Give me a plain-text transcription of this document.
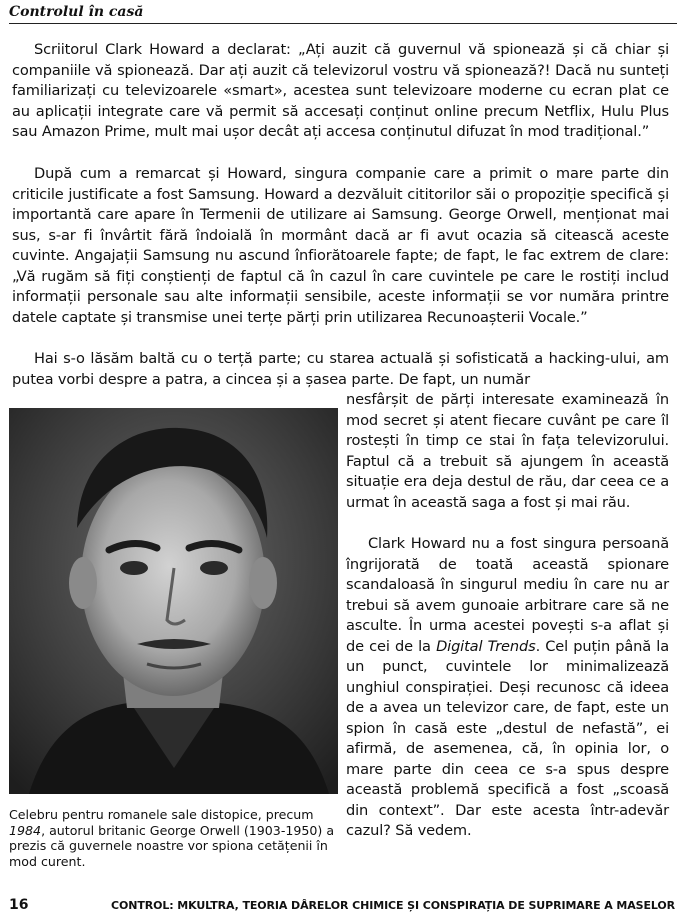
Controlul în casă

Scriitorul Clark Howard a declarat: „Ați auzit că guvernul vă spionează și că chiar și companiile vă spionează. Dar ați auzit că televizorul vostru vă spionează?! Dacă nu sunteți familiarizați cu televizoarele «smart», acestea sunt televizoare moderne cu ecran plat ce au aplicații integrate care vă permit să accesați conținut online precum Netflix, Hulu Plus sau Amazon Prime, mult mai ușor decât ați accesa conținutul difuzat în mod tradițional.”

După cum a remarcat și Howard, singura companie care a primit o mare parte din criticile justificate a fost Samsung. Howard a dezvăluit cititorilor săi o propoziție specifică și importantă care apare în Termenii de utilizare ai Samsung. George Orwell, menționat mai sus, s-ar fi învârtit fără îndoială în mormânt dacă ar fi avut ocazia să citească aceste cuvinte. Angajații Samsung nu ascund înfiorătoarele fapte; de fapt, le fac extrem de clare: „Vă rugăm să fiți conștienți de faptul că în cazul în care cuvintele pe care le rostiți includ informații personale sau alte informații sensibile, aceste informații se vor număra printre datele captate și transmise unei terțe părți prin utilizarea Recunoașterii Vocale.”

Hai s-o lăsăm baltă cu o terță parte; cu starea actuală și sofisticată a hacking-ului, am putea vorbi despre a patra, a cincea și a șasea parte. De fapt, un număr

nesfârșit de părți interesate examinează în mod secret și atent fiecare cuvânt pe care îl rostești în timp ce stai în fața televizorului. Faptul că a trebuit să ajungem în această situație era deja destul de rău, dar ceea ce a urmat în această saga a fost și mai rău.

Clark Howard nu a fost singura persoană îngrijorată de toată această spionare scandaloasă în singurul mediu în care nu ar trebui să avem gunoaie arbitrare care să ne asculte. În urma acestei povești s-a aflat și de cei de la Digital Trends. Cel puțin până la un punct, cuvintele lor minimalizează unghiul conspirației. Deși recunosc că ideea de a avea un televizor care, de fapt, este un spion în casă este „destul de nefastă”, ei afirmă, de asemenea, că, în opinia lor, o mare parte din ceea ce s-a spus despre această problemă specifică a fost „scoasă din context”. Dar este acesta într-adevăr cazul? Să vedem.

Celebru pentru romanele sale distopice, precum 1984, autorul britanic George Orwell (1903-1950) a prezis că guvernele noastre vor spiona cetățenii în mod curent.
16	CONTROL: MKULTRA, TEORIA DÂRELOR CHIMICE ȘI CONSPIRAȚIA DE SUPRIMARE A MASELOR
